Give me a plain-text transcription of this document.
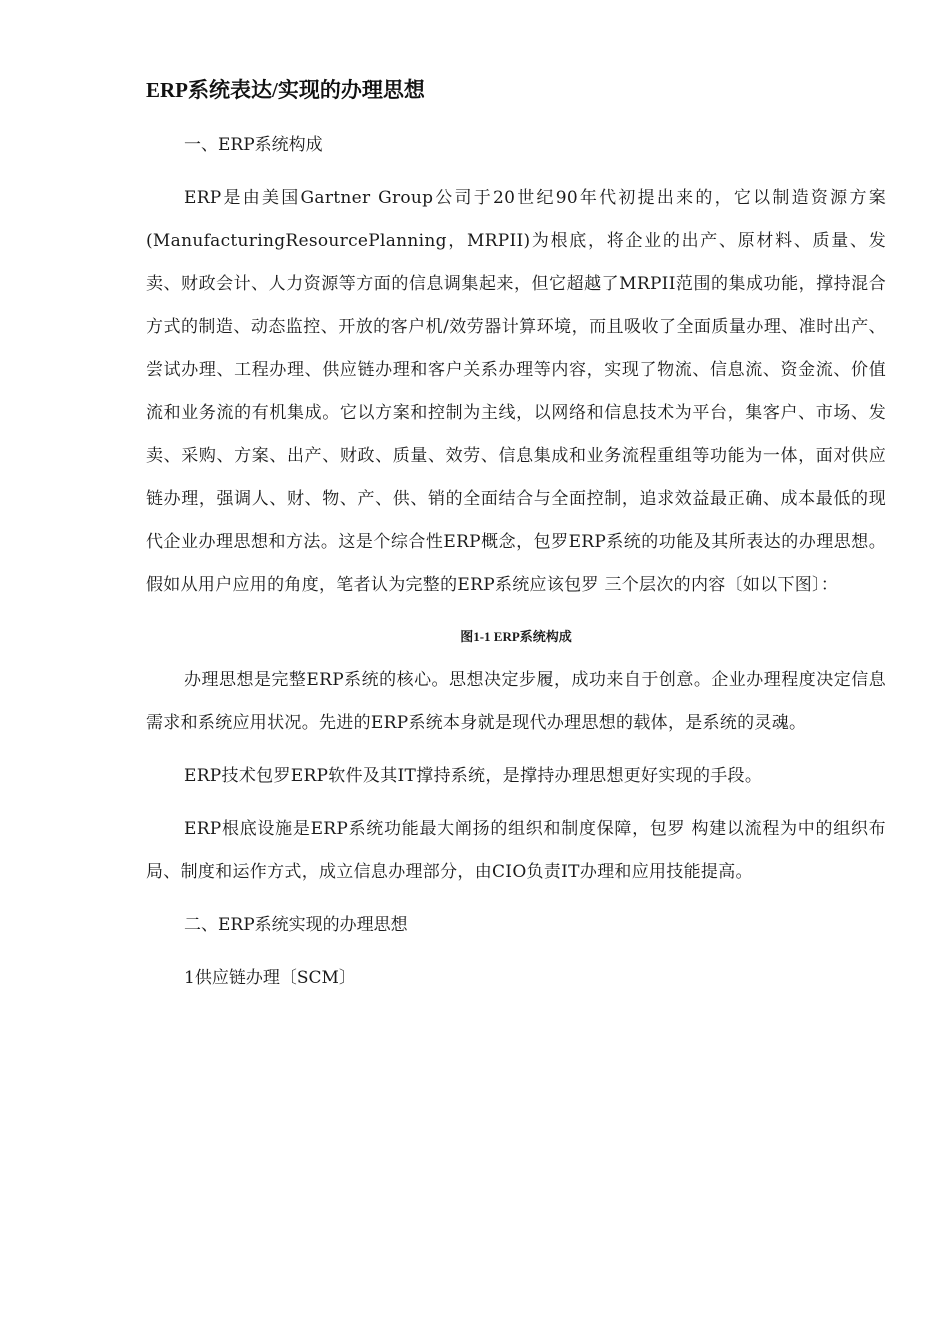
ERP系统表达/实现的办理思想

一、ERP系统构成

ERP是由美国Gartner Group公司于20世纪90年代初提出来的，它以制造资源方案(ManufacturingResourcePlanning，MRPII)为根底，将企业的出产、原材料、质量、发卖、财政会计、人力资源等方面的信息调集起来，但它超越了MRPII范围的集成功能，撑持混合方式的制造、动态监控、开放的客户机/效劳器计算环境，而且吸收了全面质量办理、准时出产、尝试办理、工程办理、供应链办理和客户关系办理等内容，实现了物流、信息流、资金流、价值流和业务流的有机集成。它以方案和控制为主线，以网络和信息技术为平台，集客户、市场、发卖、采购、方案、出产、财政、质量、效劳、信息集成和业务流程重组等功能为一体，面对供应链办理，强调人、财、物、产、供、销的全面结合与全面控制，追求效益最正确、成本最低的现代企业办理思想和方法。这是个综合性ERP概念，包罗ERP系统的功能及其所表达的办理思想。假如从用户应用的角度，笔者认为完整的ERP系统应该包罗 三个层次的内容〔如以下图〕：

图1-1 ERP系统构成

办理思想是完整ERP系统的核心。思想决定步履，成功来自于创意。企业办理程度决定信息需求和系统应用状况。先进的ERP系统本身就是现代办理思想的载体，是系统的灵魂。

ERP技术包罗ERP软件及其IT撑持系统，是撑持办理思想更好实现的手段。

ERP根底设施是ERP系统功能最大阐扬的组织和制度保障，包罗 构建以流程为中的组织布局、制度和运作方式，成立信息办理部分，由CIO负责IT办理和应用技能提高。

二、ERP系统实现的办理思想

1供应链办理〔SCM〕
